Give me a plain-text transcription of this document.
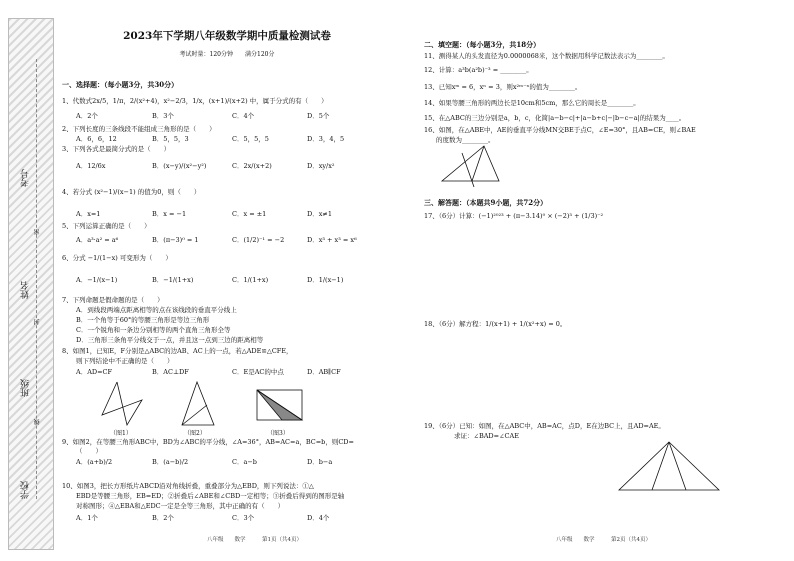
考号
姓名
班级
学校
密
封
线
2023年下学期八年级数学期中质量检测试卷
考试时量：120分钟　　满分120分
一、选择题：（每小题3分，共30分）
1、代数式2x/5，1/π，2/(x²+4)，x²−2/3，1/x，(x+1)/(x+2) 中，属于分式的有（　　）
A．2个	B．3个	C．4个	D．5个
2、下列长度的三条线段不能组成三角形的是（　　）
A．6，6，12	B．5，5，3	C．5，5，5	D．3，4，5
3、下列各式是最简分式的是（　　）
A．12/6x	B．(x−y)/(x²−y²)	C．2x/(x+2)	D．xy/x²
4、若分式 (x²−1)/(x−1) 的值为0，则（　　）
A．x=1	B．x = −1	C．x = ±1	D．x≠1
5、下列运算正确的是（　　）
A．a³·a² = a⁶	B．(π−3)⁰ = 1	C．(1/2)⁻¹ = −2	D．x³ + x³ = x⁶
6、分式 −1/(1−x) 可变形为（　　）
A．−1/(x−1)	B．−1/(1+x)	C．1/(1+x)	D．1/(x−1)
7、下列命题是假命题的是（　　）
A．到线段两端点距离相等的点在该线段的垂直平分线上
B．一个角等于60°的等腰三角形是等边三角形
C．一个锐角和一条边分别相等的两个直角三角形全等
D．三角形三条角平分线交于一点，并且这一点到三边的距离相等
8、如图1，已知E，F分别是△ABC的边AB、AC上的一点，若△ADE≌△CFE，
则下列结论中不正确的是（　　）
A．AD=CF	B．AC⊥DF	C．E是AC的中点	D．AB∥CF
（图1）	（图2）	（图3）
9、如图2，在等腰三角形ABC中，BD为∠ABC的平分线，∠A=36°，AB=AC=a，BC=b，则CD=
（　　）
A．(a+b)/2	B．(a−b)/2	C．a−b	D．b−a
10、如图3，把长方形纸片ABCD沿对角线折叠，重叠部分为△EBD，则下列说法：①△
EBD是等腰三角形，EB=ED；②折叠后∠ABE和∠CBD一定相等；③折叠后得到的图形是轴
对称图形；④△EBA和△EDC一定是全等三角形，其中正确的有（　　）
A．1个	B．2个	C．3个	D．4个
八年级　　数学　　　第1页（共4页）
二、填空题：（每小题3分，共18分）
11、测得某人的头发直径为0.0000068米，这个数据用科学记数法表示为________。
12、计算：a³b(a²b)⁻³ = ________。
13、已知xᵐ = 6，xⁿ = 3，则x²ᵐ⁻ⁿ的值为________。
14、如果等腰三角形的两边长是10cm和5cm，那么它的周长是________。
15、在△ABC的三边分别是a，b，c，化简|a−b−c|+|a−b+c|−|b−c−a|的结果为____。
16、如图，在△ABE中，AE的垂直平分线MN交BE于点C，∠E=30°，且AB=CE，则∠BAE
的度数为________。
三、解答题：（本题共9小题，共72分）
17、（6分）计算：(−1)²⁰²³ + (π−3.14)⁰ × (−2)³ + (1/3)⁻²
18、（6分）解方程：1/(x+1) + 1/(x²+x) = 0。
19、（6分）已知：如图，在△ABC中，AB=AC，点D，E在边BC上，且AD=AE。
求证：∠BAD=∠CAE
八年级　　数学　　　第2页（共4页）
